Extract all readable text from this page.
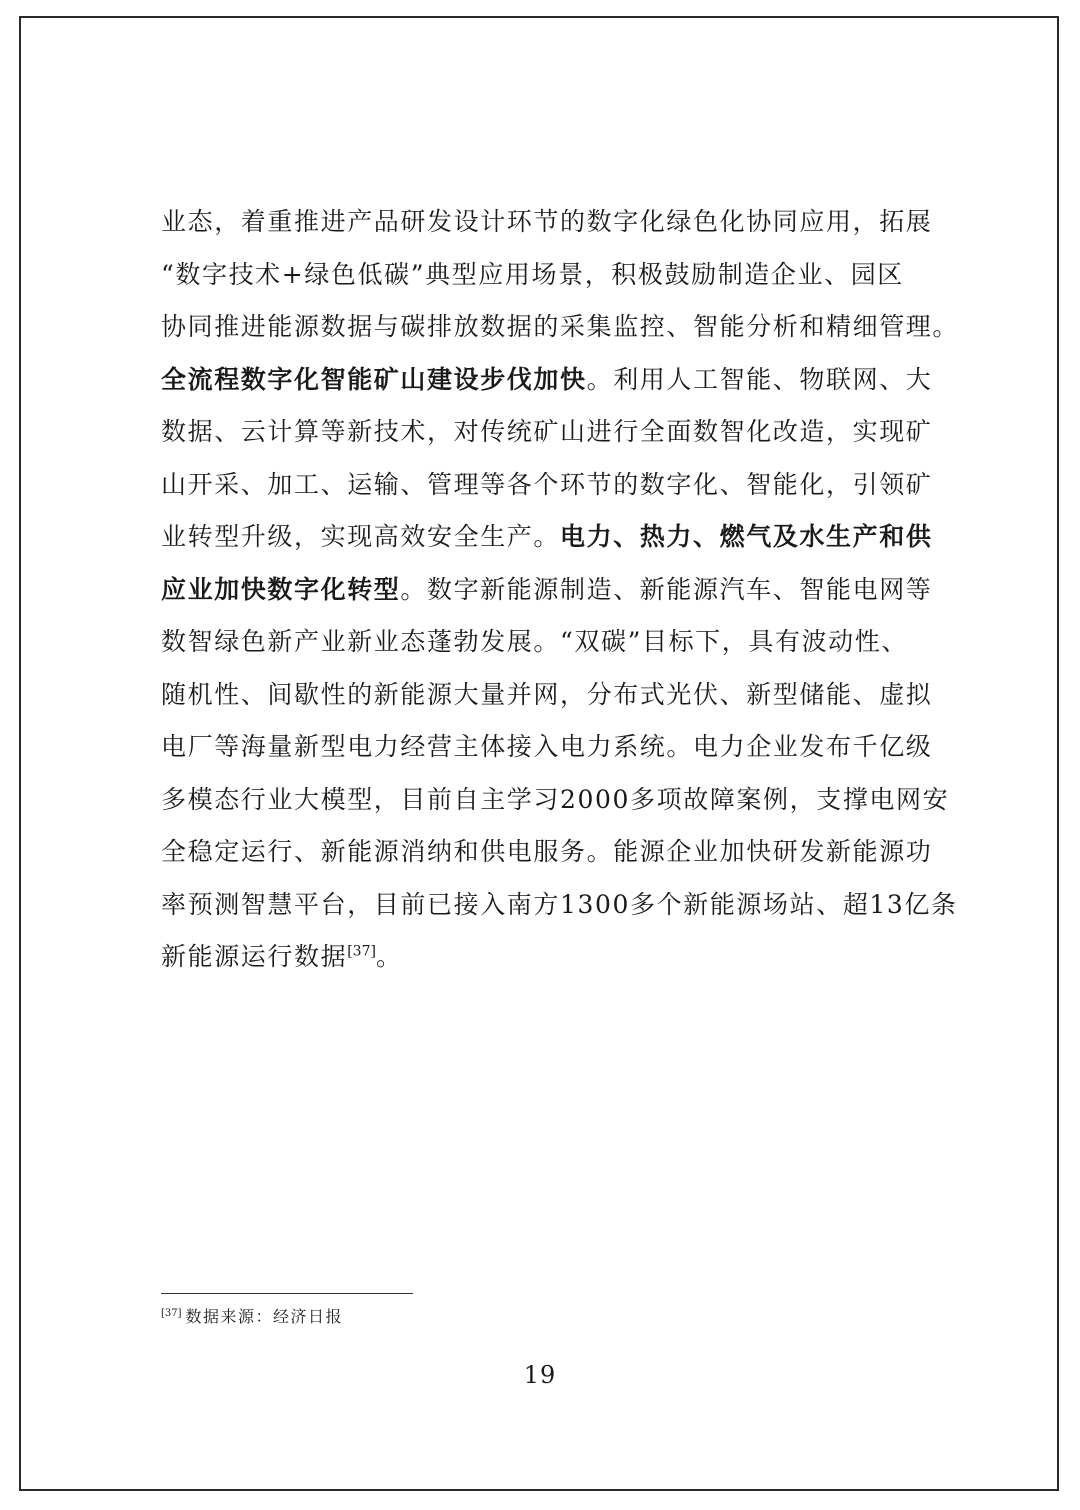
业态，着重推进产品研发设计环节的数字化绿色化协同应用，拓展
“数字技术+绿色低碳”典型应用场景，积极鼓励制造企业、园区
协同推进能源数据与碳排放数据的采集监控、智能分析和精细管理。
全流程数字化智能矿山建设步伐加快。利用人工智能、物联网、大
数据、云计算等新技术，对传统矿山进行全面数智化改造，实现矿
山开采、加工、运输、管理等各个环节的数字化、智能化，引领矿
业转型升级，实现高效安全生产。电力、热力、燃气及水生产和供
应业加快数字化转型。数字新能源制造、新能源汽车、智能电网等
数智绿色新产业新业态蓬勃发展。“双碳”目标下，具有波动性、
随机性、间歇性的新能源大量并网，分布式光伏、新型储能、虚拟
电厂等海量新型电力经营主体接入电力系统。电力企业发布千亿级
多模态行业大模型，目前自主学习2000多项故障案例，支撑电网安
全稳定运行、新能源消纳和供电服务。能源企业加快研发新能源功
率预测智慧平台，目前已接入南方1300多个新能源场站、超13亿条
新能源运行数据[37]。
[37] 数据来源：经济日报
19
